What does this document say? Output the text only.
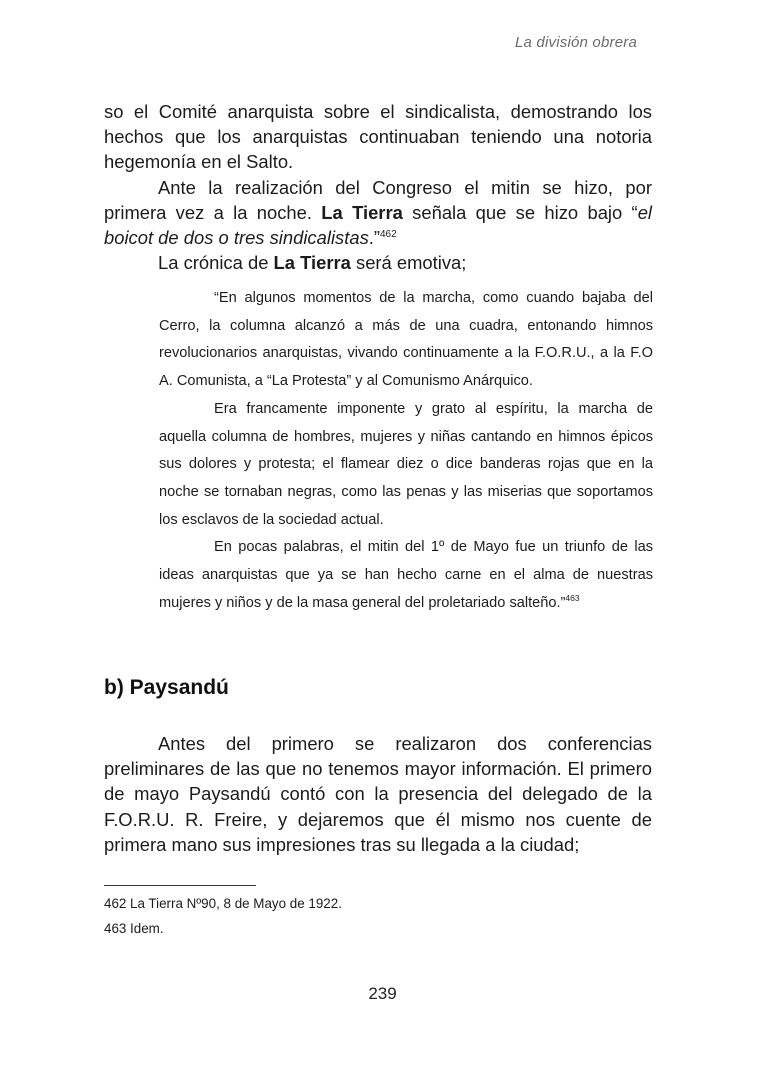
La división obrera

so el Comité anarquista sobre el sindicalista, demostrando los hechos que los anarquistas continuaban teniendo una notoria hegemonía en el Salto.

Ante la realización del Congreso el mitin se hizo, por primera vez a la noche. La Tierra señala que se hizo bajo “el boicot de dos o tres sindicalistas.”$^{462}$

La crónica de La Tierra será emotiva;

“En algunos momentos de la marcha, como cuando bajaba del Cerro, la columna alcanzó a más de una cuadra, entonando himnos revolucionarios anarquistas, vivando continuamente a la F.O.R.U., a la F.O A. Comunista, a “La Protesta” y al Comunismo Anárquico.

Era francamente imponente y grato al espíritu, la marcha de aquella columna de hombres, mujeres y niñas cantando en himnos épicos sus dolores y protesta; el flamear diez o dice banderas rojas que en la noche se tornaban negras, como las penas y las miserias que soportamos los esclavos de la sociedad actual.

En pocas palabras, el mitin del 1º de Mayo fue un triunfo de las ideas anarquistas que ya se han hecho carne en el alma de nuestras mujeres y niños y de la masa general del proletariado salteño.”$^{463}$

b) Paysandú

Antes del primero se realizaron dos conferencias preliminares de las que no tenemos mayor información. El primero de mayo Paysandú contó con la presencia del delegado de la F.O.R.U. R. Freire, y dejaremos que él mismo nos cuente de primera mano sus impresiones tras su llegada a la ciudad;

462 La Tierra Nº90, 8 de Mayo de 1922.
463 Idem.
239
